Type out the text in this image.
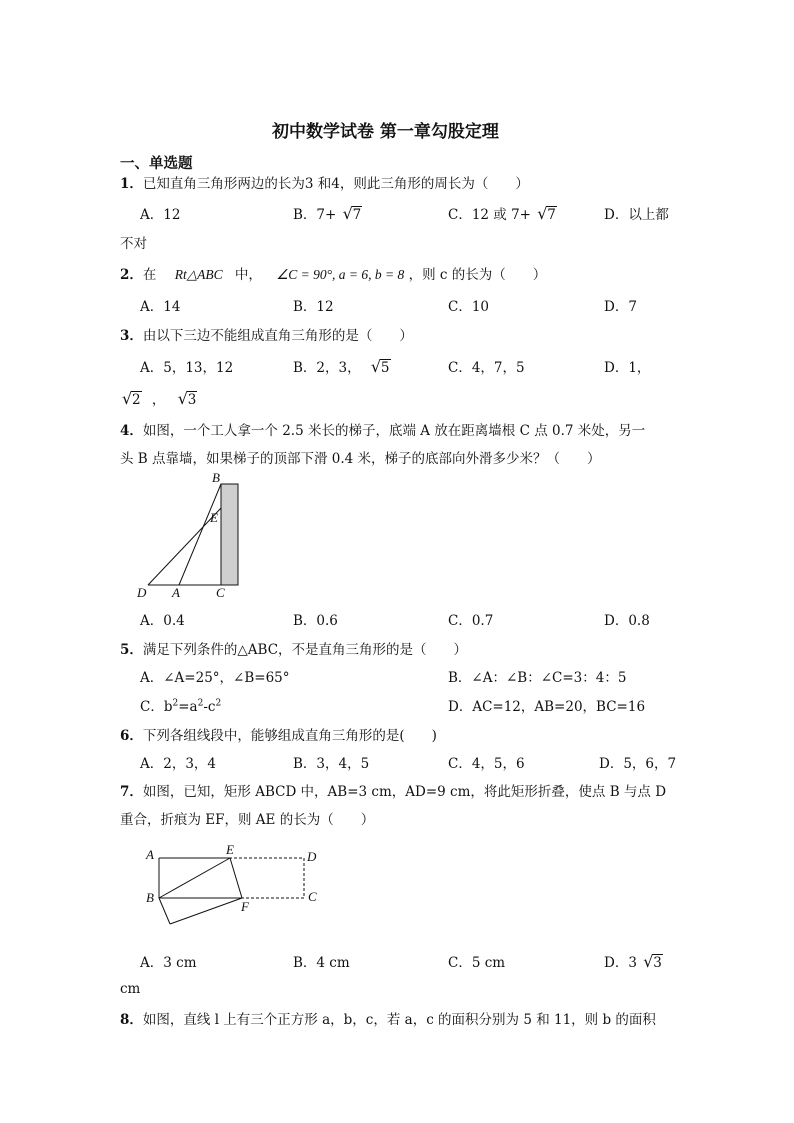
初中数学试卷 第一章勾股定理
一、单选题
1．已知直角三角形两边的长为3 和4，则此三角形的周长为（　　）
A．12	B．7+ √ 7	C．12 或 7+ √ 7	D．以上都
不对
2．在 Rt△ABC 中， ∠C = 90°, a = 6, b = 8 ，则 c 的长为（　　）
A．14	B．12	C．10	D．7
3．由以下三边不能组成直角三角形的是（　　）
A．5，13，12	B．2，3， √ 5	C．4，7，5	D．1，
√ 2 ， √ 3
4．如图，一个工人拿一个 2.5 米长的梯子，底端 A 放在距离墙根 C 点 0.7 米处，另一
头 B 点靠墙，如果梯子的顶部下滑 0.4 米，梯子的底部向外滑多少米？（　　）
B
E
D A	C
A．0.4	B．0.6	C．0.7	D．0.8
5．满足下列条件的△ABC，不是直角三角形的是（　　）
A．∠A=25°，∠B=65°	B．∠A：∠B：∠C=3：4：5
C．$b^2=a^2-c^2$	D．AC=12，AB=20，BC=16
6．下列各组线段中，能够组成直角三角形的是(　　)
A．2，3，4	B．3，4，5	C．4，5，6	D．5，6，7
7．如图，已知，矩形 ABCD 中，AB=3 cm，AD=9 cm，将此矩形折叠，使点 B 与点 D
重合，折痕为 EF，则 AE 的长为（　　）
A	E	D
B
F
C
A．3 cm	B．4 cm	C．5 cm	D．3 √ 3
cm
8．如图，直线 l 上有三个正方形 a，b，c，若 a，c 的面积分别为 5 和 11，则 b 的面积
